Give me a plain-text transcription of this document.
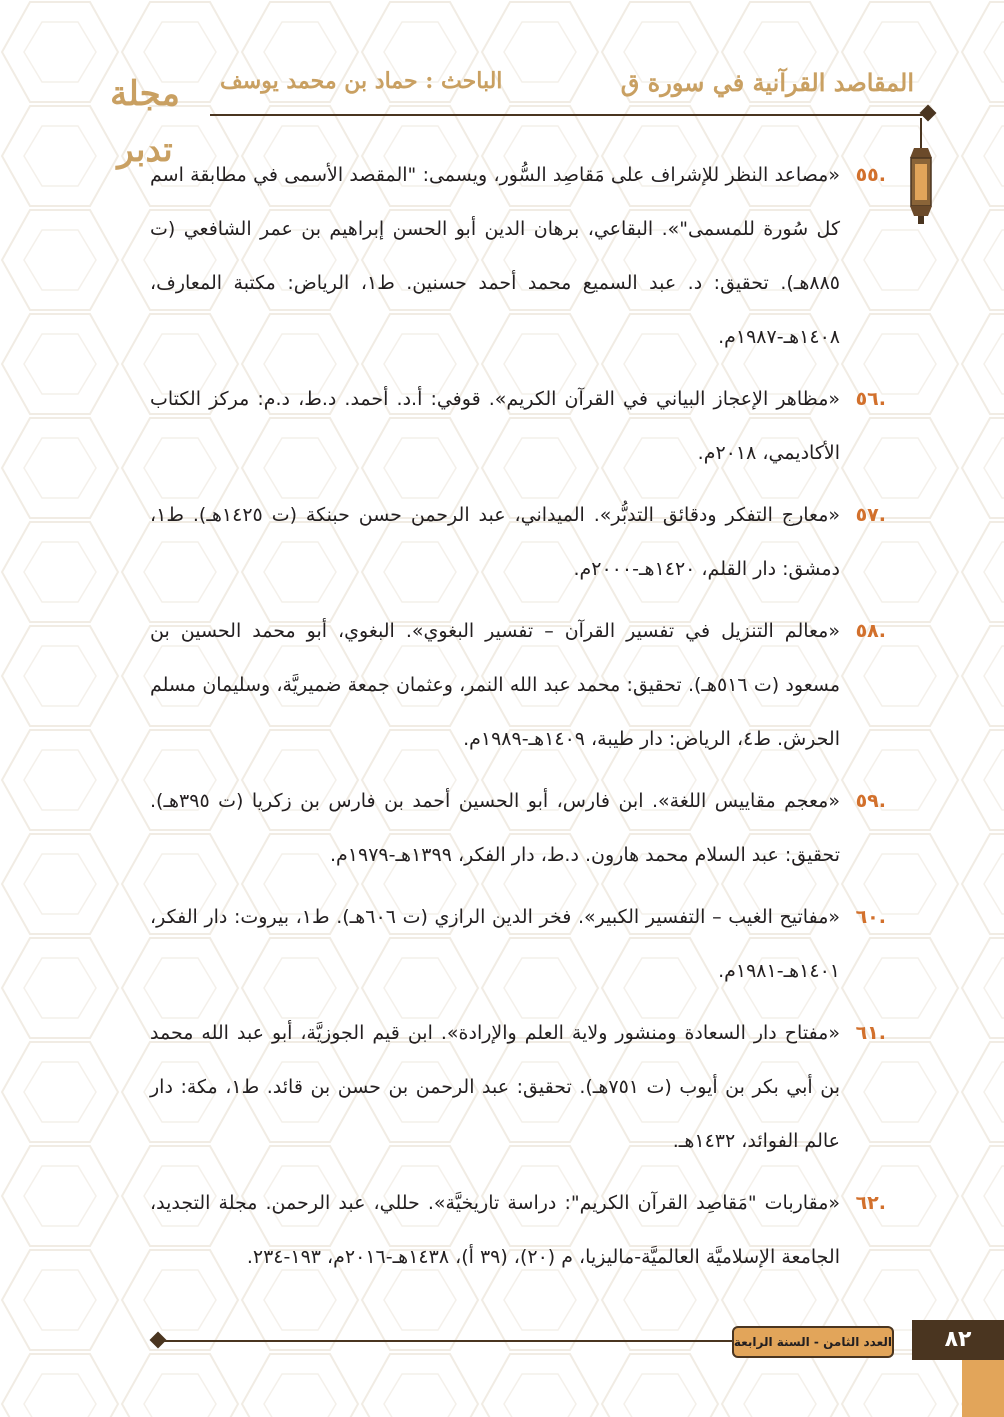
مجلة تدبر
الباحث : حماد بن محمد يوسف	المقاصد القرآنية في سورة ق
.٥٥
«مصاعد النظر للإشراف على مَقاصِد السُّور، ويسمى: "المقصد الأسمى في مطابقة اسم كل سُورة للمسمى"». البقاعي، برهان الدين أبو الحسن إبراهيم بن عمر الشافعي (ت ٨٨٥هـ). تحقيق: د. عبد السميع محمد أحمد حسنين. ط١، الرياض: مكتبة المعارف، ١٤٠٨هـ-١٩٨٧م.
.٥٦
«مظاهر الإعجاز البياني في القرآن الكريم». قوفي: أ.د. أحمد. د.ط، د.م: مركز الكتاب الأكاديمي، ٢٠١٨م.
.٥٧
«معارج التفكر ودقائق التدبُّر». الميداني، عبد الرحمن حسن حبنكة (ت ١٤٢٥هـ). ط١، دمشق: دار القلم، ١٤٢٠هـ-٢٠٠٠م.
.٥٨
«معالم التنزيل في تفسير القرآن – تفسير البغوي». البغوي، أبو محمد الحسين بن مسعود (ت ٥١٦هـ). تحقيق: محمد عبد الله النمر، وعثمان جمعة ضميريَّة، وسليمان مسلم الحرش. ط٤، الرياض: دار طيبة، ١٤٠٩هـ-١٩٨٩م.
.٥٩
«معجم مقاييس اللغة». ابن فارس، أبو الحسين أحمد بن فارس بن زكريا (ت ٣٩٥هـ). تحقيق: عبد السلام محمد هارون. د.ط، دار الفكر، ١٣٩٩هـ-١٩٧٩م.
.٦٠
«مفاتيح الغيب – التفسير الكبير». فخر الدين الرازي (ت ٦٠٦هـ). ط١، بيروت: دار الفكر، ١٤٠١هـ-١٩٨١م.
.٦١
«مفتاح دار السعادة ومنشور ولاية العلم والإرادة». ابن قيم الجوزيَّة، أبو عبد الله محمد بن أبي بكر بن أيوب (ت ٧٥١هـ). تحقيق: عبد الرحمن بن حسن بن قائد. ط١، مكة: دار عالم الفوائد، ١٤٣٢هـ.
.٦٢
«مقاربات "مَقاصِد القرآن الكريم": دراسة تاريخيَّة». حللي، عبد الرحمن. مجلة التجديد، الجامعة الإسلاميَّة العالميَّة-ماليزيا، م (٢٠)، (٣٩ أ)، ١٤٣٨هـ-٢٠١٦م، ١٩٣-٢٣٤.
العدد الثامن - السنة الرابعة	٨٢
